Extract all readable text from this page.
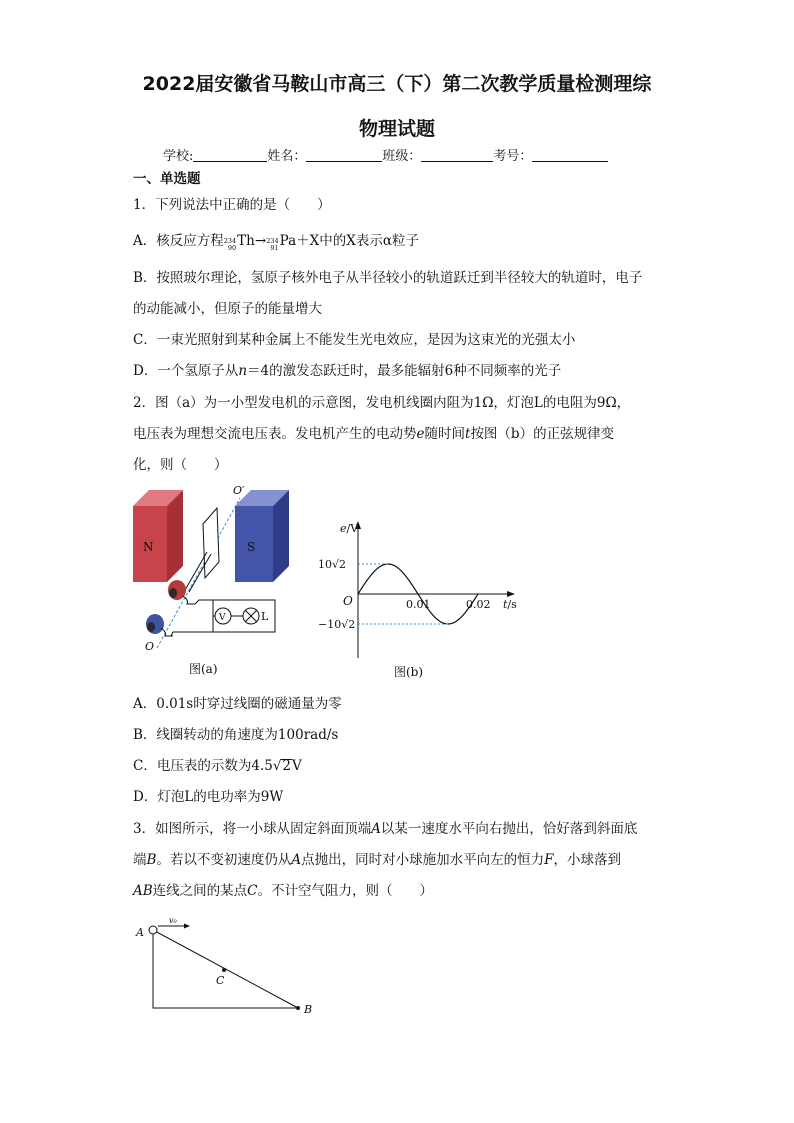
2022届安徽省马鞍山市高三（下）第二次教学质量检测理综
物理试题
学校:	姓名：	班级：	考号：
一、单选题
1．下列说法中正确的是（　　）
A．核反应方程 234
90 Th→ 234
91 Pa＋X中的X表示α粒子
B．按照玻尔理论，氢原子核外电子从半径较小的轨道跃迁到半径较大的轨道时，电子
的动能减小，但原子的能量增大
C．一束光照射到某种金属上不能发生光电效应，是因为这束光的光强太小
D．一个氢原子从n＝4的激发态跃迁时，最多能辐射6种不同频率的光子
2．图（a）为一小型发电机的示意图，发电机线圈内阻为1Ω，灯泡L的电阻为9Ω，
电压表为理想交流电压表。发电机产生的电动势e随时间t按图（b）的正弦规律变
化，则（　　）
N	S
O′
O
V	L
图(a)
e/V
t/s
O
10√2
−10√2
0.01	0.02
图(b)
A．0.01s时穿过线圈的磁通量为零
B．线圈转动的角速度为100rad/s
C．电压表的示数为4.5√2V
D．灯泡L的电功率为9W
3．如图所示，将一小球从固定斜面顶端A以某一速度水平向右抛出，恰好落到斜面底
端B。若以不变初速度仍从A点抛出，同时对小球施加水平向左的恒力F，小球落到
AB连线之间的某点C。不计空气阻力，则（　　）
v₀
A
C
B
